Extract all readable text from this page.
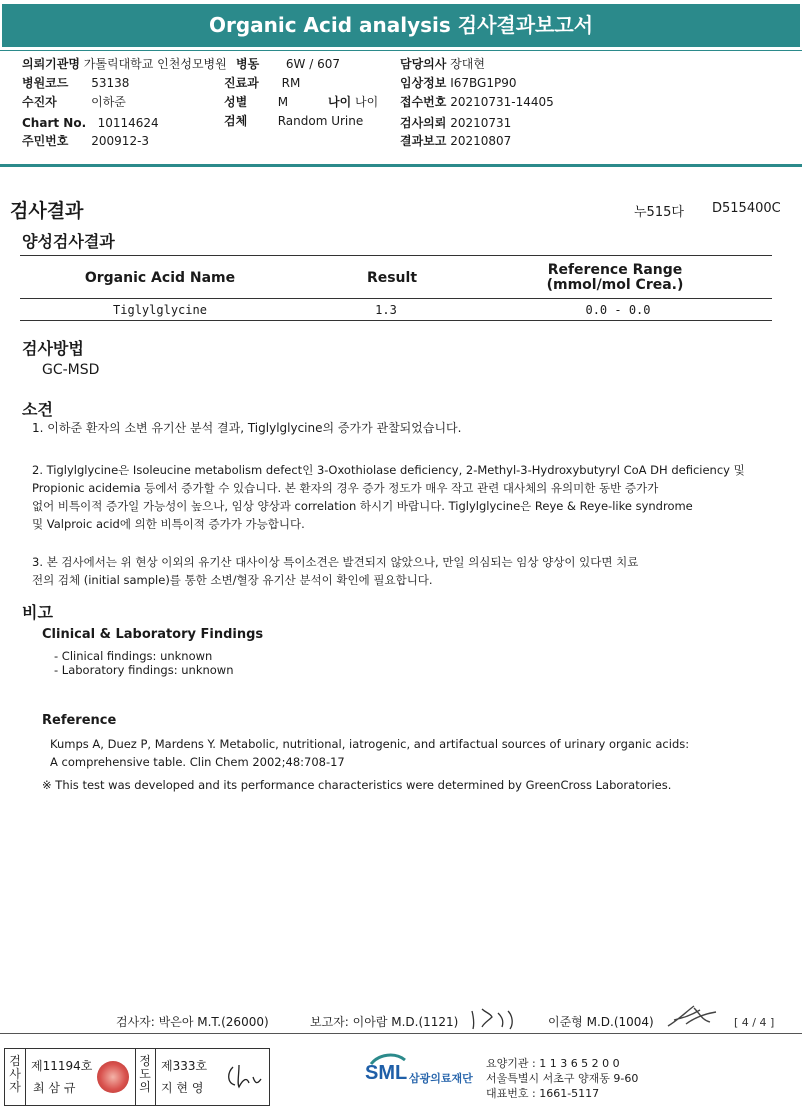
Organic Acid analysis 검사결과보고서
의뢰기관명 가톨릭대학교 인천성모병원
병원코드 53138
수진자	이하준
Chart No. 10114624
주민번호 200912-3
병동 6W / 607
진료과 RM
성별	M	나이 나이
검체	Random Urine
담당의사 장대현
임상정보 I67BG1P90
접수번호 20210731-14405
검사의뢰 20210731
결과보고 20210807
검사결과	누515다 D515400C
양성검사결과
Organic Acid Name	Result	Reference Range
(mmol/mol Crea.)
Tiglylglycine	1.3	0.0 - 0.0
검사방법
GC-MSD
소견
1. 이하준 환자의 소변 유기산 분석 결과, Tiglylglycine의 증가가 관찰되었습니다.
2. Tiglylglycine은 Isoleucine metabolism defect인 3-Oxothiolase deficiency, 2-Methyl-3-Hydroxybutyryl CoA DH deficiency 및
Propionic acidemia 등에서 증가할 수 있습니다. 본 환자의 경우 증가 정도가 매우 작고 관련 대사체의 유의미한 동반 증가가
없어 비특이적 증가일 가능성이 높으나, 임상 양상과 correlation 하시기 바랍니다. Tiglylglycine은 Reye & Reye-like syndrome
및 Valproic acid에 의한 비특이적 증가가 가능합니다.
3. 본 검사에서는 위 현상 이외의 유기산 대사이상 특이소견은 발견되지 않았으나, 만일 의심되는 임상 양상이 있다면 치료
전의 검체 (initial sample)를 통한 소변/혈장 유기산 분석이 확인에 필요합니다.
비고
Clinical & Laboratory Findings
- Clinical findings: unknown
- Laboratory findings: unknown
Reference
Kumps A, Duez P, Mardens Y. Metabolic, nutritional, iatrogenic, and artifactual sources of urinary organic acids:
A comprehensive table. Clin Chem 2002;48:708-17
※ This test was developed and its performance characteristics were determined by GreenCross Laboratories.
검사자: 박은아 M.T.(26000)	보고자: 이아람 M.D.(1121)	이준형 M.D.(1004)	[ 4 / 4 ]
검
사
자
제11194호
최 삼 규
정
도
의
제333호
지 현 영
SML 삼광의료재단
요양기관 : 1 1 3 6 5 2 0 0
서울특별시 서초구 양재동 9-60
대표번호 : 1661-5117
